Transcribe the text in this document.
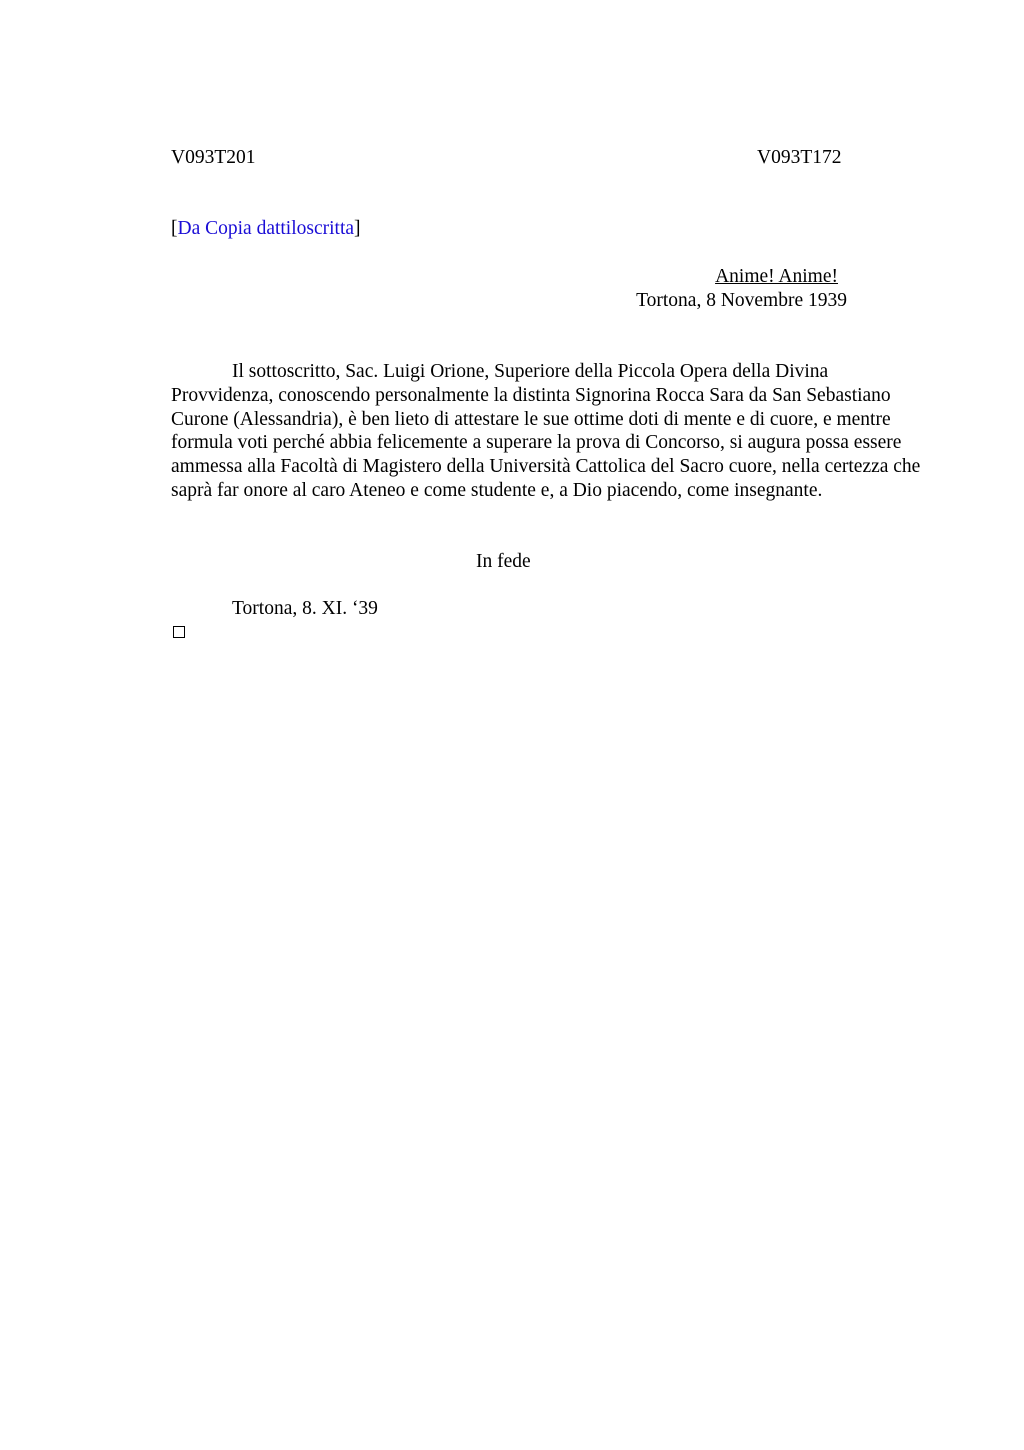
V093T201	V093T172
[Da Copia dattiloscritta]
Anime! Anime!
Tortona, 8 Novembre 1939

Il sottoscritto, Sac. Luigi Orione, Superiore della Piccola Opera della Divina Provvidenza, conoscendo personalmente la distinta Signorina Rocca Sara da San Sebastiano Curone (Alessandria), è ben lieto di attestare le sue ottime doti di mente e di cuore, e mentre formula voti perché abbia felicemente a superare la prova di Concorso, si augura possa essere ammessa alla Facoltà di Magistero della Università Cattolica del Sacro cuore, nella certezza che saprà far onore al caro Ateneo e come studente e, a Dio piacendo, come insegnante.

In fede
Tortona, 8. XI. ‘39
